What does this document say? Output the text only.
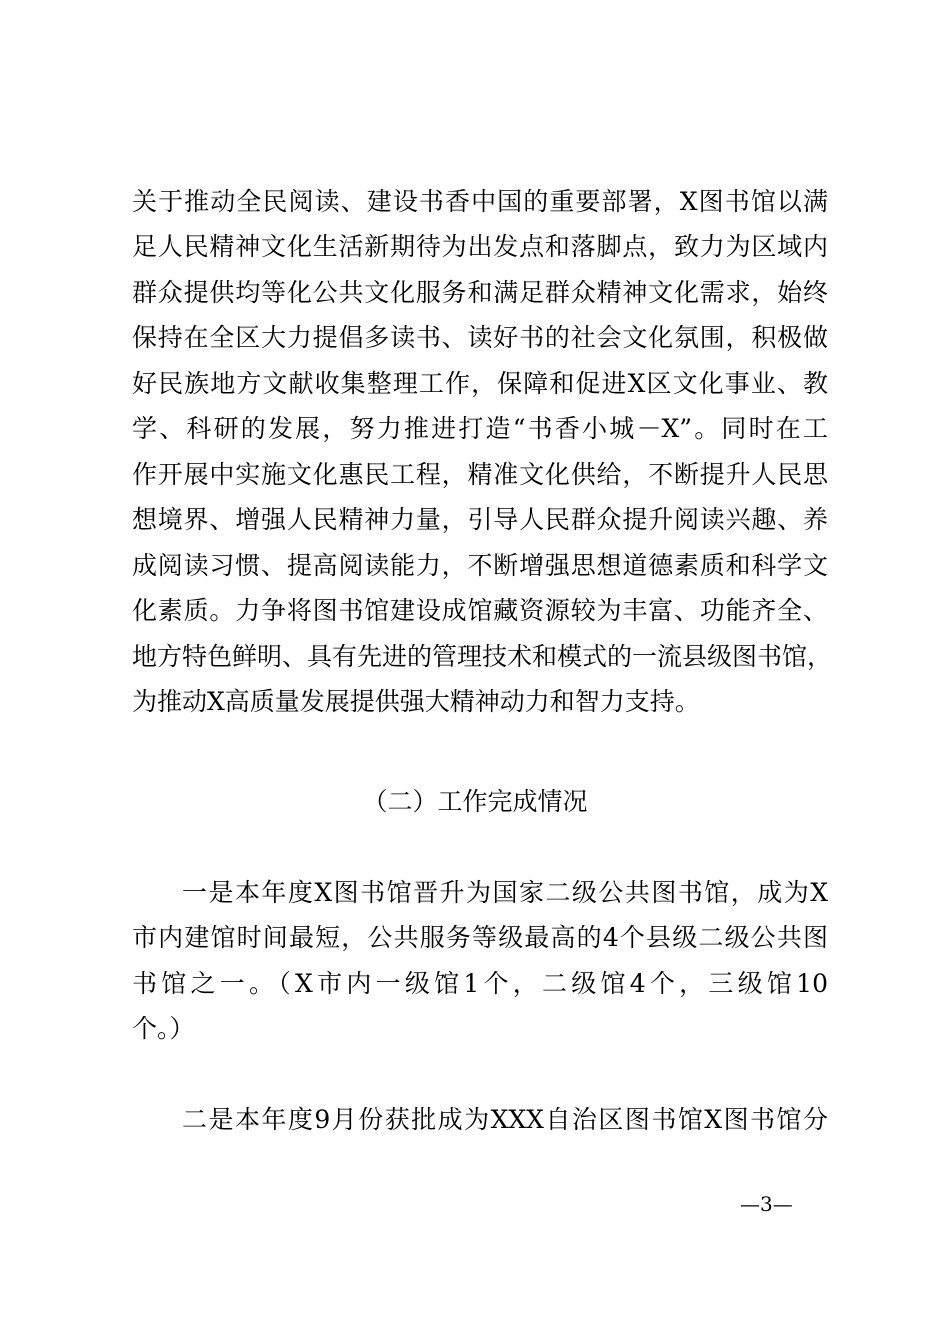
关于推动全民阅读、建设书香中国的重要部署，X图书馆以满
足人民精神文化生活新期待为出发点和落脚点，致力为区域内
群众提供均等化公共文化服务和满足群众精神文化需求，始终
保持在全区大力提倡多读书、读好书的社会文化氛围，积极做
好民族地方文献收集整理工作，保障和促进X区文化事业、教
学、科研的发展，努力推进打造“书香小城－X”。同时在工
作开展中实施文化惠民工程，精准文化供给，不断提升人民思
想境界、增强人民精神力量，引导人民群众提升阅读兴趣、养
成阅读习惯、提高阅读能力，不断增强思想道德素质和科学文
化素质。力争将图书馆建设成馆藏资源较为丰富、功能齐全、
地方特色鲜明、具有先进的管理技术和模式的一流县级图书馆，
为推动X高质量发展提供强大精神动力和智力支持。
（二）工作完成情况
一是本年度X图书馆晋升为国家二级公共图书馆，成为X
市内建馆时间最短，公共服务等级最高的4个县级二级公共图
书馆之一。（X市内一级馆1个，二级馆4个，三级馆10
个。）
二是本年度9月份获批成为XXX自治区图书馆X图书馆分
—3—
